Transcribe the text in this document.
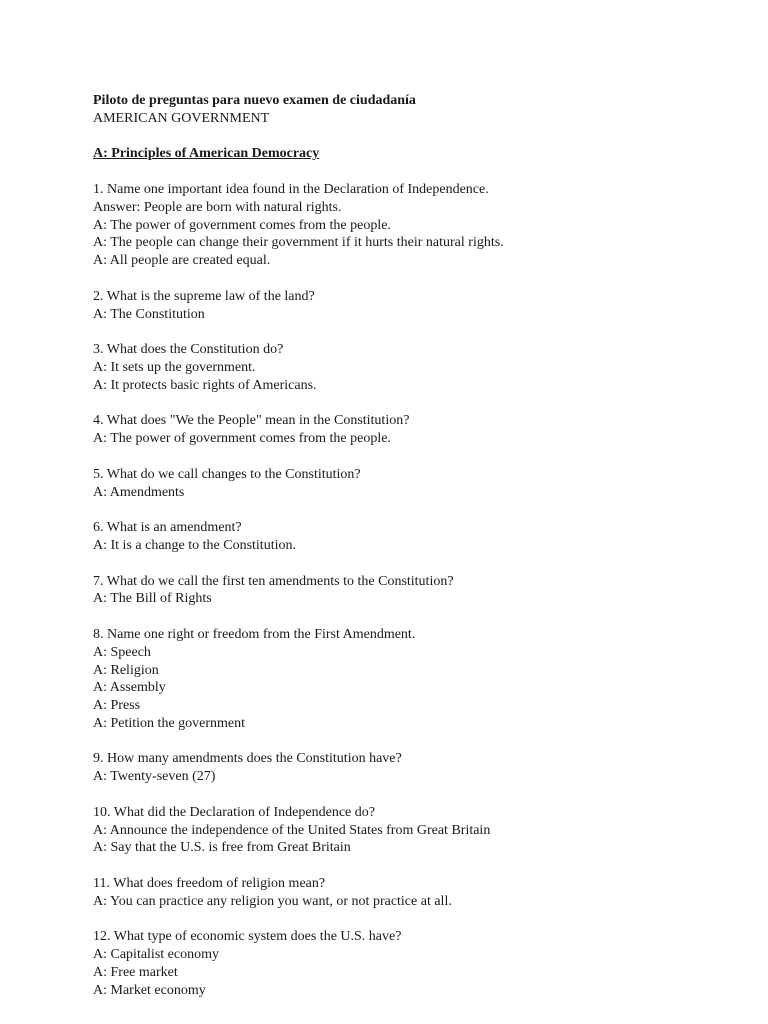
Piloto de preguntas para nuevo examen de ciudadanía
AMERICAN GOVERNMENT
A: Principles of American Democracy
1. Name one important idea found in the Declaration of Independence.
Answer: People are born with natural rights.
A: The power of government comes from the people.
A: The people can change their government if it hurts their natural rights.
A: All people are created equal.
2. What is the supreme law of the land?
A: The Constitution
3. What does the Constitution do?
A: It sets up the government.
A: It protects basic rights of Americans.
4. What does "We the People" mean in the Constitution?
A: The power of government comes from the people.
5. What do we call changes to the Constitution?
A: Amendments
6. What is an amendment?
A: It is a change to the Constitution.
7. What do we call the first ten amendments to the Constitution?
A: The Bill of Rights
8. Name one right or freedom from the First Amendment.
A: Speech
A: Religion
A: Assembly
A: Press
A: Petition the government
9. How many amendments does the Constitution have?
A: Twenty-seven (27)
10. What did the Declaration of Independence do?
A: Announce the independence of the United States from Great Britain
A: Say that the U.S. is free from Great Britain
11. What does freedom of religion mean?
A: You can practice any religion you want, or not practice at all.
12. What type of economic system does the U.S. have?
A: Capitalist economy
A: Free market
A: Market economy
